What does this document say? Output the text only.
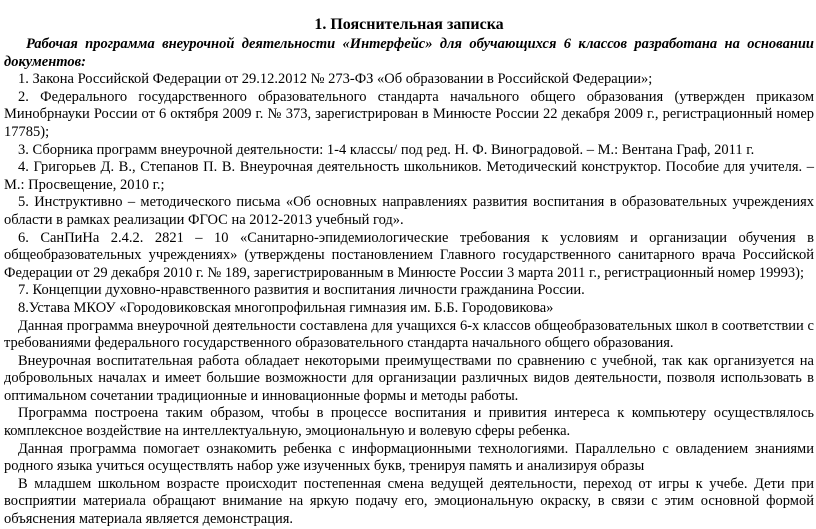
1. Пояснительная записка

Рабочая программа внеурочной деятельности «Интерфейс» для обучающихся 6 классов разработана на основании документов:

1. Закона Российской Федерации от 29.12.2012 № 273-ФЗ «Об образовании в Российской Федерации»;

2. Федерального государственного образовательного стандарта начального общего образования (утвержден приказом Минобрнауки России от 6 октября 2009 г. № 373, зарегистрирован в Минюсте России 22 декабря 2009 г., регистрационный номер 17785);

3. Сборника программ внеурочной деятельности: 1-4 классы/ под ред. Н. Ф. Виноградовой. – М.: Вентана Граф, 2011 г.

4. Григорьев Д. В., Степанов П. В. Внеурочная деятельность школьников. Методический конструктор. Пособие для учителя. – М.: Просвещение, 2010 г.;

5. Инструктивно – методического письма «Об основных направлениях развития воспитания в образовательных учреждениях области в рамках реализации ФГОС на 2012-2013 учебный год».

6. СанПиНа 2.4.2. 2821 – 10 «Санитарно-эпидемиологические требования к условиям и организации обучения в общеобразовательных учреждениях» (утверждены постановлением Главного государственного санитарного врача Российской Федерации от 29 декабря 2010 г. № 189, зарегистрированным в Минюсте России 3 марта 2011 г., регистрационный номер 19993);

7. Концепции духовно-нравственного развития и воспитания личности гражданина России.

8.Устава МКОУ «Городовиковская многопрофильная гимназия им. Б.Б. Городовикова»

Данная программа внеурочной деятельности составлена для учащихся 6-х классов общеобразовательных школ в соответствии с требованиями федерального государственного образовательного стандарта начального общего образования.

Внеурочная воспитательная работа обладает некоторыми преимуществами по сравнению с учебной, так как организуется на добровольных началах и имеет большие возможности для организации различных видов деятельности, позволя использовать в оптимальном сочетании традиционные и инновационные формы и методы работы.

Программа построена таким образом, чтобы в процессе воспитания и привития интереса к компьютеру осуществлялось комплексное воздействие на интеллектуальную, эмоциональную и волевую сферы ребенка.

Данная программа помогает ознакомить ребенка с информационными технологиями. Параллельно с овладением знаниями родного языка учиться осуществлять набор уже изученных букв, тренируя память и анализируя образы

В младшем школьном возрасте происходит постепенная смена ведущей деятельности, переход от игры к учебе. Дети при восприятии материала обращают внимание на яркую подачу его, эмоциональную окраску, в связи с этим основной формой объяснения материала является демонстрация.
